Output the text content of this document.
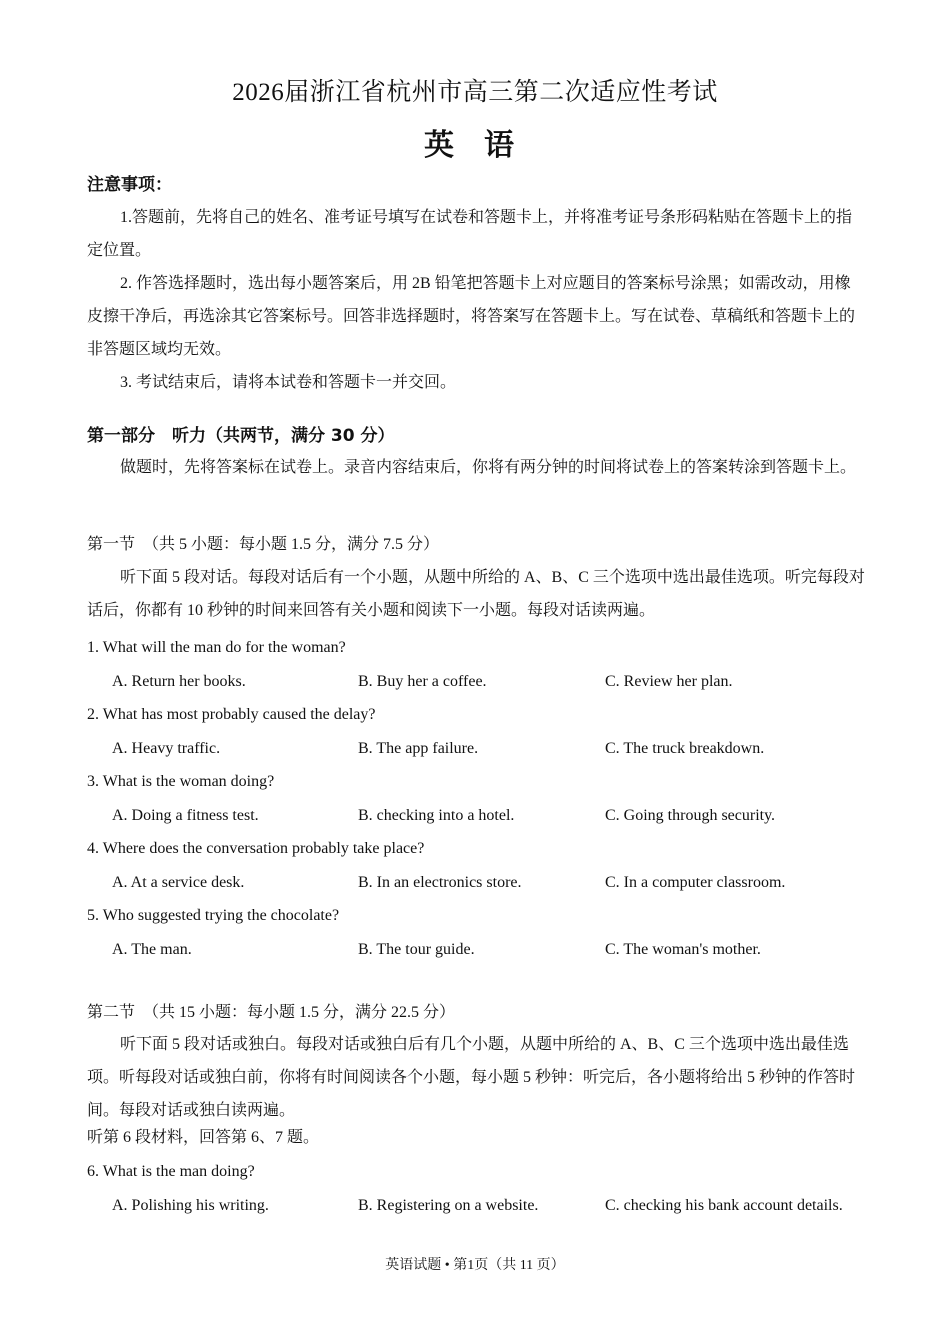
2026届浙江省杭州市高三第二次适应性考试
英语
注意事项：
1.答题前，先将自己的姓名、准考证号填写在试卷和答题卡上，并将准考证号条形码粘贴在答题卡上的指定位置。
2. 作答选择题时，选出每小题答案后，用 2B 铅笔把答题卡上对应题目的答案标号涂黑；如需改动，用橡皮擦干净后，再选涂其它答案标号。回答非选择题时，将答案写在答题卡上。写在试卷、草稿纸和答题卡上的非答题区域均无效。
3. 考试结束后，请将本试卷和答题卡一并交回。
第一部分　听力（共两节，满分 30 分）
做题时，先将答案标在试卷上。录音内容结束后，你将有两分钟的时间将试卷上的答案转涂到答题卡上。
第一节　（共 5 小题：每小题 1.5 分，满分 7.5 分）
听下面 5 段对话。每段对话后有一个小题，从题中所给的 A、B、C 三个选项中选出最佳选项。听完每段对话后，你都有 10 秒钟的时间来回答有关小题和阅读下一小题。每段对话读两遍。
1. What will the man do for the woman?
A. Return her books.	B. Buy her a coffee.	C. Review her plan.
2. What has most probably caused the delay?
A. Heavy traffic.	B. The app failure.	C. The truck breakdown.
3. What is the woman doing?
A. Doing a fitness test.	B. checking into a hotel.	C. Going through security.
4. Where does the conversation probably take place?
A. At a service desk.	B. In an electronics store.	C. In a computer classroom.
5. Who suggested trying the chocolate?
A. The man.	B. The tour guide.	C. The woman's mother.
第二节　（共 15 小题：每小题 1.5 分，满分 22.5 分）
听下面 5 段对话或独白。每段对话或独白后有几个小题，从题中所给的 A、B、C 三个选项中选出最佳选项。听每段对话或独白前，你将有时间阅读各个小题，每小题 5 秒钟：听完后，各小题将给出 5 秒钟的作答时间。每段对话或独白读两遍。
听第 6 段材料，回答第 6、7 题。
6. What is the man doing?
A. Polishing his writing.	B. Registering on a website.	C. checking his bank account details.
英语试题 • 第1页（共 11 页）
